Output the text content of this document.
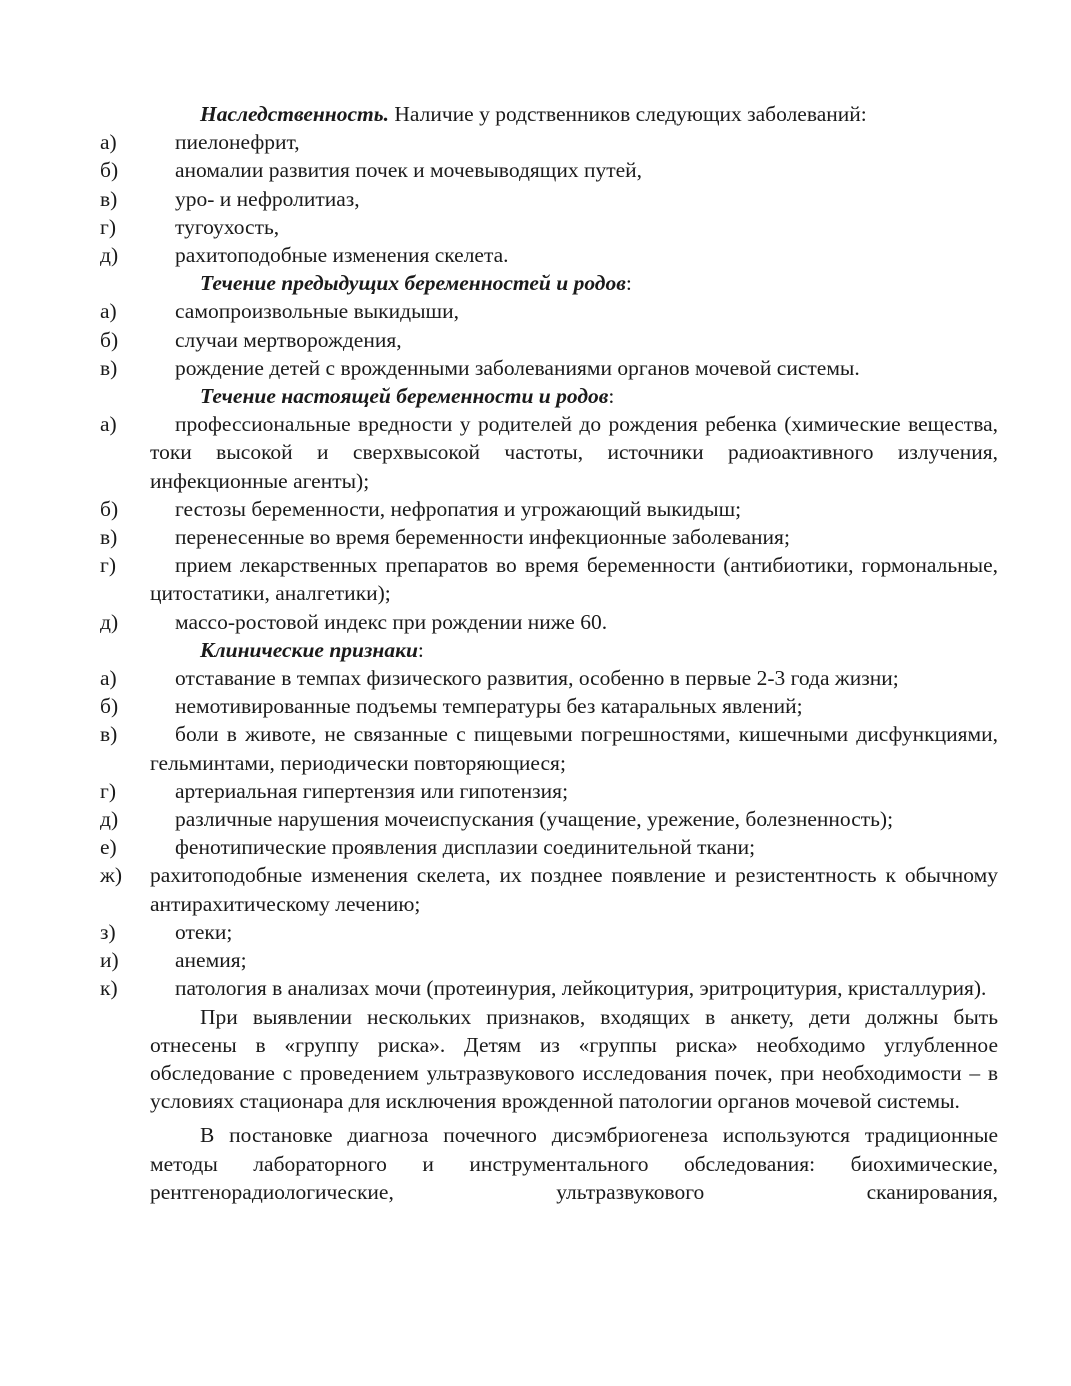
Наследственность. Наличие у родственников следующих заболеваний:
а)	пиелонефрит,
б)	аномалии развития почек и мочевыводящих путей,
в)	уро- и нефролитиаз,
г)	тугоухость,
д)	рахитоподобные изменения скелета.
Течение предыдущих беременностей и родов:
а)	самопроизвольные выкидыши,
б)	случаи мертворождения,
в)	рождение детей с врожденными заболеваниями органов мочевой системы.
Течение настоящей беременности и родов:
а)	профессиональные вредности у родителей до рождения ребенка (химические вещества, токи высокой и сверхвысокой частоты, источники радиоактивного излучения, инфекционные агенты);
б)	гестозы беременности, нефропатия и угрожающий выкидыш;
в)	перенесенные во время беременности инфекционные заболевания;
г)	прием лекарственных препаратов во время беременности (антибиотики, гормональные, цитостатики, аналгетики);
д)	массо-ростовой индекс при рождении ниже 60.
Клинические признаки:
а)	отставание в темпах физического развития, особенно в первые 2-3 года жизни;
б)	немотивированные подъемы температуры без катаральных явлений;
в)	боли в животе, не связанные с пищевыми погрешностями, кишечными дисфункциями, гельминтами, периодически повторяющиеся;
г)	артериальная гипертензия или гипотензия;
д)	различные нарушения мочеиспускания (учащение, урежение, болезненность);
е)	фенотипические проявления дисплазии соединительной ткани;
ж)	рахитоподобные изменения скелета, их позднее появление и резистентность к обычному антирахитическому лечению;
з)	отеки;
и)	анемия;
к)	патология в анализах мочи (протеинурия, лейкоцитурия, эритроцитурия, кристаллурия).
При выявлении нескольких признаков, входящих в анкету, дети должны быть отнесены в «группу риска». Детям из «группы риска» необходимо углубленное обследование с проведением ультразвукового исследования почек, при необходимости – в условиях стационара для исключения врожденной патологии органов мочевой системы.
В постановке диагноза почечного дисэмбриогенеза используются традиционные методы лабораторного и инструментального обследования: биохимические, рентгенорадиологические, ультразвукового сканирования,
